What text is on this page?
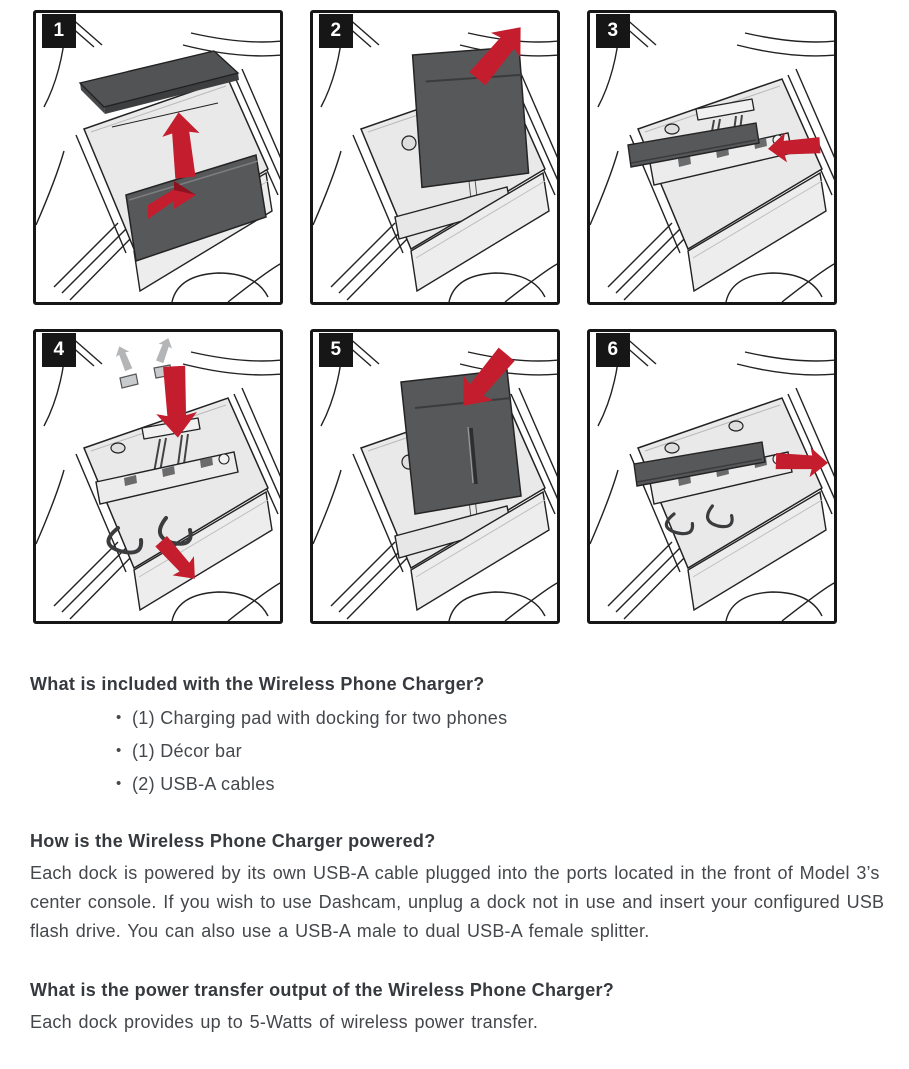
1	2	3
4	5	6
What is included with the Wireless Phone Charger?
• (1) Charging pad with docking for two phones
• (1) Décor bar
• (2) USB-A cables
How is the Wireless Phone Charger powered?

Each dock is powered by its own USB-A cable plugged into the ports located in the front of Model 3’s center console. If you wish to use Dashcam, unplug a dock not in use and insert your configured USB flash drive. You can also use a USB-A male to dual USB-A female splitter.

What is the power transfer output of the Wireless Phone Charger?

Each dock provides up to 5-Watts of wireless power transfer.
